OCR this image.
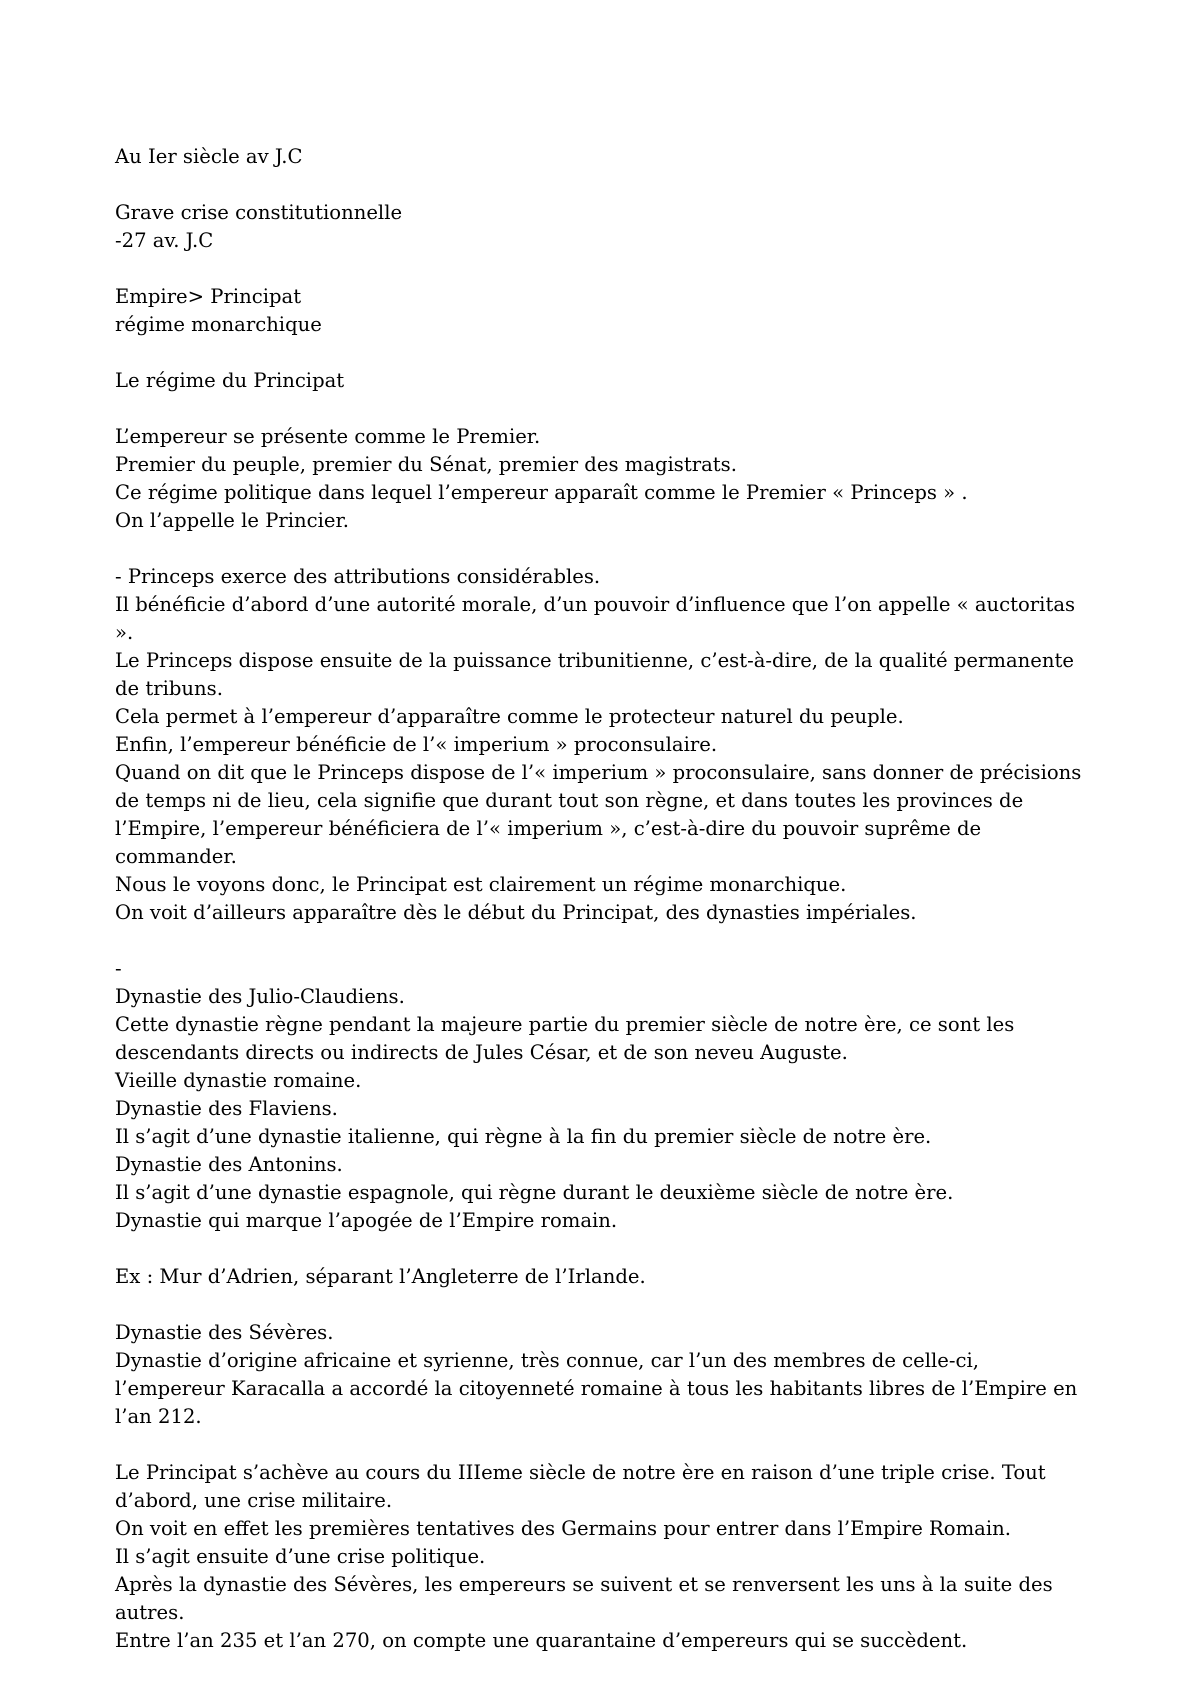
Au Ier siècle av J.C

Grave crise constitutionnelle

-27 av. J.C

Empire> Principat

régime monarchique

Le régime du Principat

L’empereur se présente comme le Premier.

Premier du peuple, premier du Sénat, premier des magistrats.

Ce régime politique dans lequel l’empereur apparaît comme le Premier « Princeps » .

On l’appelle le Princier.

- Princeps exerce des attributions considérables.

Il bénéficie d’abord d’une autorité morale, d’un pouvoir d’influence que l’on appelle « auctoritas ».

Le Princeps dispose ensuite de la puissance tribunitienne, c’est-à-dire, de la qualité permanente de tribuns.

Cela permet à l’empereur d’apparaître comme le protecteur naturel du peuple.

Enfin, l’empereur bénéficie de l’« imperium » proconsulaire.

Quand on dit que le Princeps dispose de l’« imperium » proconsulaire, sans donner de précisions de temps ni de lieu, cela signifie que durant tout son règne, et dans toutes les provinces de l’Empire, l’empereur bénéficiera de l’« imperium », c’est-à-dire du pouvoir suprême de commander.

Nous le voyons donc, le Principat est clairement un régime monarchique.

On voit d’ailleurs apparaître dès le début du Principat, des dynasties impériales.

-

Dynastie des Julio-Claudiens.

Cette dynastie règne pendant la majeure partie du premier siècle de notre ère, ce sont les descendants directs ou indirects de Jules César, et de son neveu Auguste.

Vieille dynastie romaine.

Dynastie des Flaviens.

Il s’agit d’une dynastie italienne, qui règne à la fin du premier siècle de notre ère.

Dynastie des Antonins.

Il s’agit d’une dynastie espagnole, qui règne durant le deuxième siècle de notre ère.

Dynastie qui marque l’apogée de l’Empire romain.

Ex : Mur d’Adrien, séparant l’Angleterre de l’Irlande.

Dynastie des Sévères.

Dynastie d’origine africaine et syrienne, très connue, car l’un des membres de celle-ci, l’empereur Karacalla a accordé la citoyenneté romaine à tous les habitants libres de l’Empire en l’an 212.

Le Principat s’achève au cours du IIIeme siècle de notre ère en raison d’une triple crise. Tout d’abord, une crise militaire.

On voit en effet les premières tentatives des Germains pour entrer dans l’Empire Romain.

Il s’agit ensuite d’une crise politique.

Après la dynastie des Sévères, les empereurs se suivent et se renversent les uns à la suite des autres.

Entre l’an 235 et l’an 270, on compte une quarantaine d’empereurs qui se succèdent.
